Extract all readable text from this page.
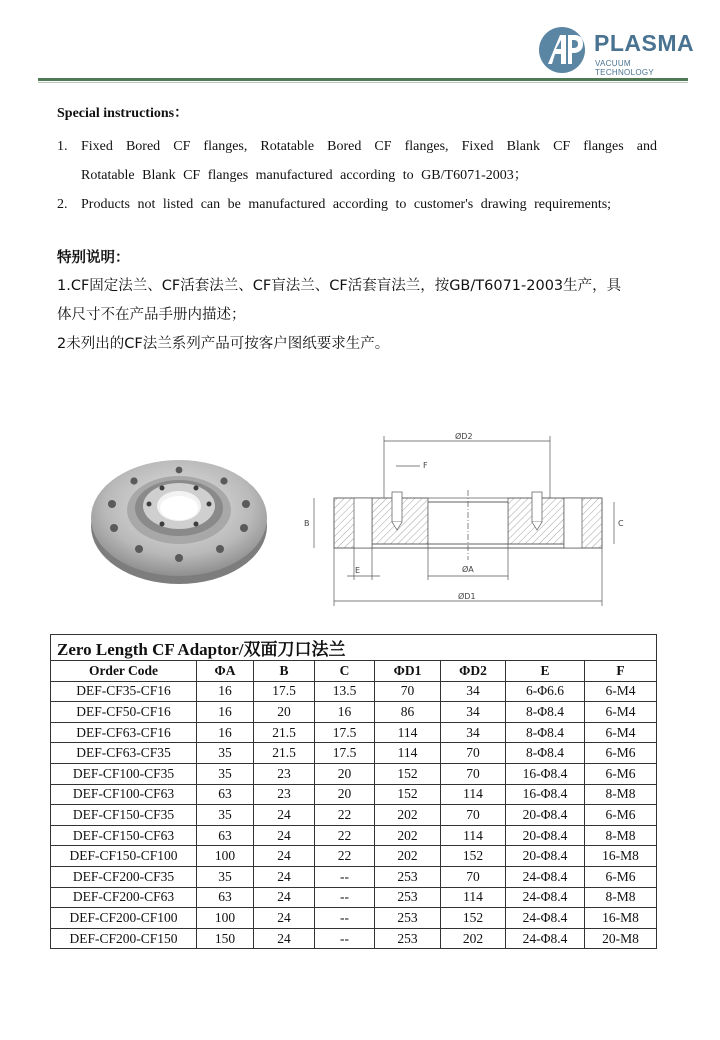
PLASMA
VACUUM TECHNOLOGY
Special instructions：
1. Fixed Bored CF flanges, Rotatable Bored CF flanges, Fixed Blank CF flanges and
Rotatable Blank CF flanges manufactured according to GB/T6071-2003；
2. Products not listed can be manufactured according to customer's drawing requirements;
特别说明：
1.CF固定法兰、CF活套法兰、CF盲法兰、CF活套盲法兰，按GB/T6071-2003生产，具
体尺寸不在产品手册内描述；
2未列出的CF法兰系列产品可按客户图纸要求生产。
ØD2
F
B	C
E	ØA
ØD1
Zero Length CF Adaptor/双面刀口法兰							
Order Code	ΦA	B	C	ΦD1	ΦD2	E	F
DEF-CF35-CF16	16	17.5	13.5	70	34	6-Φ6.6	6-M4
DEF-CF50-CF16	16	20	16	86	34	8-Φ8.4	6-M4
DEF-CF63-CF16	16	21.5	17.5	114	34	8-Φ8.4	6-M4
DEF-CF63-CF35	35	21.5	17.5	114	70	8-Φ8.4	6-M6
DEF-CF100-CF35	35	23	20	152	70	16-Φ8.4	6-M6
DEF-CF100-CF63	63	23	20	152	114	16-Φ8.4	8-M8
DEF-CF150-CF35	35	24	22	202	70	20-Φ8.4	6-M6
DEF-CF150-CF63	63	24	22	202	114	20-Φ8.4	8-M8
DEF-CF150-CF100	100	24	22	202	152	20-Φ8.4	16-M8
DEF-CF200-CF35	35	24	--	253	70	24-Φ8.4	6-M6
DEF-CF200-CF63	63	24	--	253	114	24-Φ8.4	8-M8
DEF-CF200-CF100	100	24	--	253	152	24-Φ8.4	16-M8
DEF-CF200-CF150	150	24	--	253	202	24-Φ8.4	20-M8
